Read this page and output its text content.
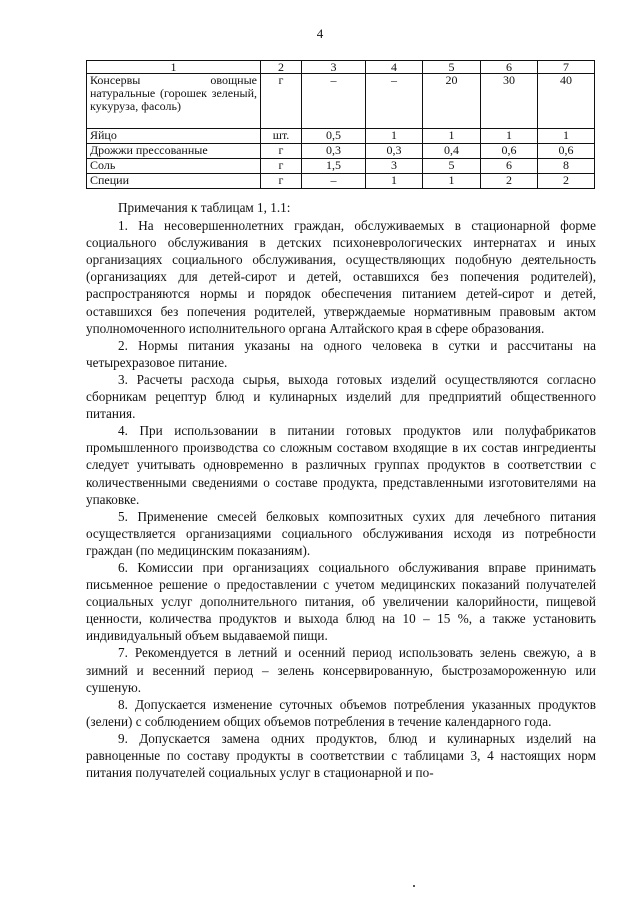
4
1	2	3	4	5	6	7
Консервы овощные натуральные (горошек зеленый, кукуруза, фасоль)	г	–	–	20	30	40
Яйцо	шт.	0,5	1	1	1	1
Дрожжи прессованные	г	0,3	0,3	0,4	0,6	0,6
Соль	г	1,5	3	5	6	8
Специи	г	–	1	1	2	2

Примечания к таблицам 1, 1.1:

1. На несовершеннолетних граждан, обслуживаемых в стационарной форме социального обслуживания в детских психоневрологических интернатах и иных организациях социального обслуживания, осуществляющих подобную деятельность (организациях для детей-сирот и детей, оставшихся без попечения родителей), распространяются нормы и порядок обеспечения питанием детей-сирот и детей, оставшихся без попечения родителей, утверждаемые нормативным правовым актом уполномоченного исполнительного органа Алтайского края в сфере образования.

2. Нормы питания указаны на одного человека в сутки и рассчитаны на четырехразовое питание.

3. Расчеты расхода сырья, выхода готовых изделий осуществляются согласно сборникам рецептур блюд и кулинарных изделий для предприятий общественного питания.

4. При использовании в питании готовых продуктов или полуфабрикатов промышленного производства со сложным составом входящие в их состав ингредиенты следует учитывать одновременно в различных группах продуктов в соответствии с количественными сведениями о составе продукта, представленными изготовителями на упаковке.

5. Применение смесей белковых композитных сухих для лечебного питания осуществляется организациями социального обслуживания исходя из потребности граждан (по медицинским показаниям).

6. Комиссии при организациях социального обслуживания вправе принимать письменное решение о предоставлении с учетом медицинских показаний получателей социальных услуг дополнительного питания, об увеличении калорийности, пищевой ценности, количества продуктов и выхода блюд на 10 – 15 %, а также установить индивидуальный объем выдаваемой пищи.

7. Рекомендуется в летний и осенний период использовать зелень свежую, а в зимний и весенний период – зелень консервированную, быстрозамороженную или сушеную.

8. Допускается изменение суточных объемов потребления указанных продуктов (зелени) с соблюдением общих объемов потребления в течение календарного года.

9. Допускается замена одних продуктов, блюд и кулинарных изделий на равноценные по составу продукты в соответствии с таблицами 3, 4 настоящих норм питания получателей социальных услуг в стационарной и по-
